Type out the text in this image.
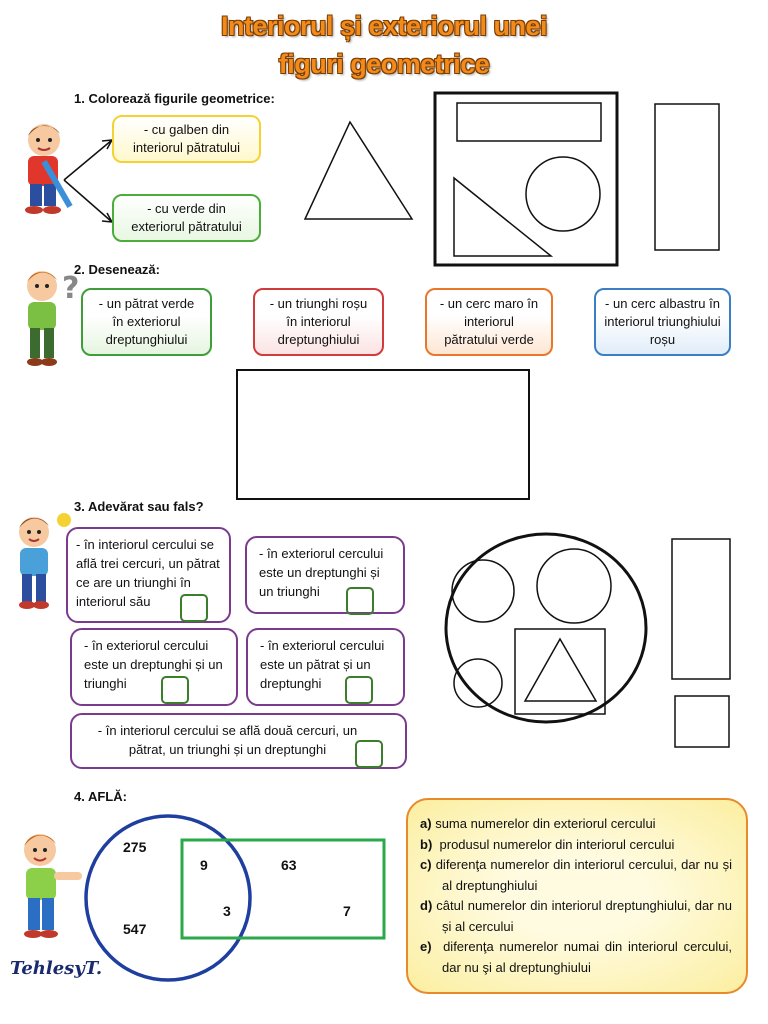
Interiorul și exteriorul unei
figuri geometrice
1. Colorează figurile geometrice:
- cu galben din interiorul pătratului
- cu verde din exteriorul pătratului
2. Desenează:
?	- un pătrat verde în exteriorul dreptunghiului
- un triunghi roșu în interiorul dreptunghiului
- un cerc maro în interiorul pătratului verde
- un cerc albastru în interiorul triunghiului roșu
3. Adevărat sau fals?
- în interiorul cercului se află trei cercuri, un pătrat ce are un triunghi în interiorul său
- în exteriorul cercului este un dreptunghi și un triunghi
- în exteriorul cercului este un dreptunghi și un triunghi
- în exteriorul cercului este un pătrat și un dreptunghi
- în interiorul cercului se află două cercuri, un pătrat, un triunghi și un dreptunghi
4. AFLĂ:
275
547
9
3
63
7
TehlesyT.

a) suma numerelor din exteriorul cercului

b) produsul numerelor din interiorul cercului

c) diferenţa numerelor din interiorul cercului, dar nu și al dreptunghiului

d) câtul numerelor din interiorul dreptunghiului, dar nu și al cercului

e) diferenţa numerelor numai din interiorul cercului, dar nu şi al dreptunghiului
